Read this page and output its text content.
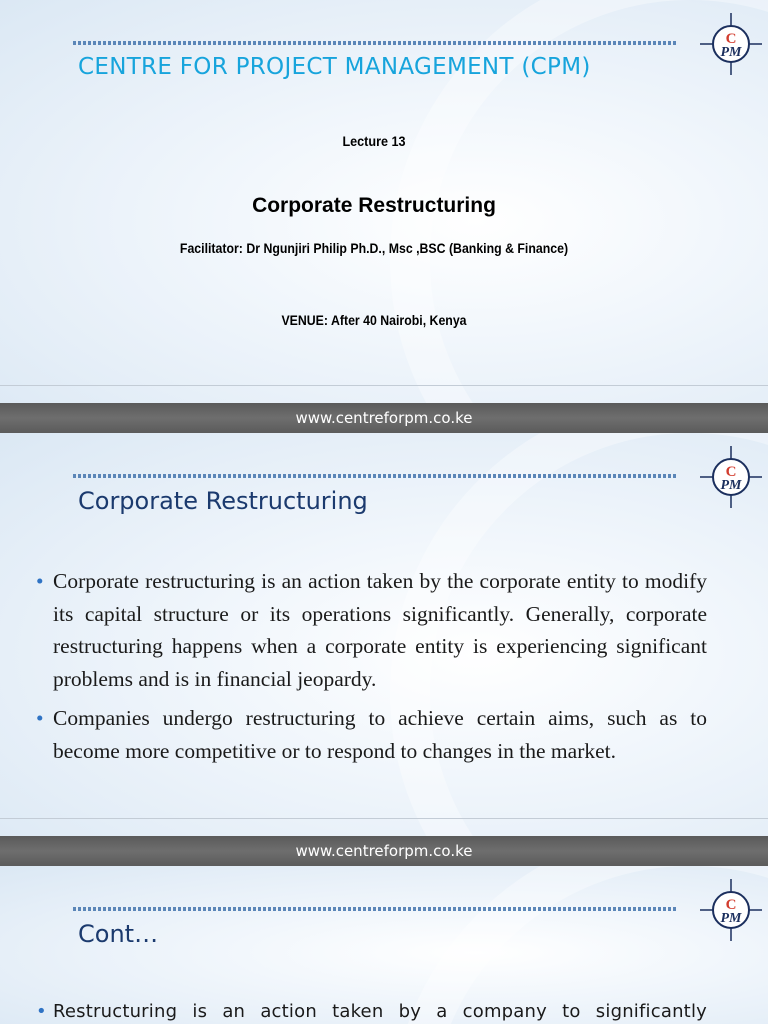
C
PM
CENTRE FOR PROJECT MANAGEMENT (CPM)
Lecture 13
Corporate Restructuring
Facilitator: Dr Ngunjiri Philip Ph.D., Msc ,BSC (Banking & Finance)
VENUE: After 40 Nairobi, Kenya
www.centreforpm.co.ke
C
PM
Corporate Restructuring
• Corporate restructuring is an action taken by the corporate entity to modify its capital structure or its operations significantly. Generally, corporate restructuring happens when a corporate entity is experiencing significant problems and is in financial jeopardy.
• Companies undergo restructuring to achieve certain aims, such as to become more competitive or to respond to changes in the market.
www.centreforpm.co.ke
C
PM
Cont…
• Restructuring is an action taken by a company to significantly
